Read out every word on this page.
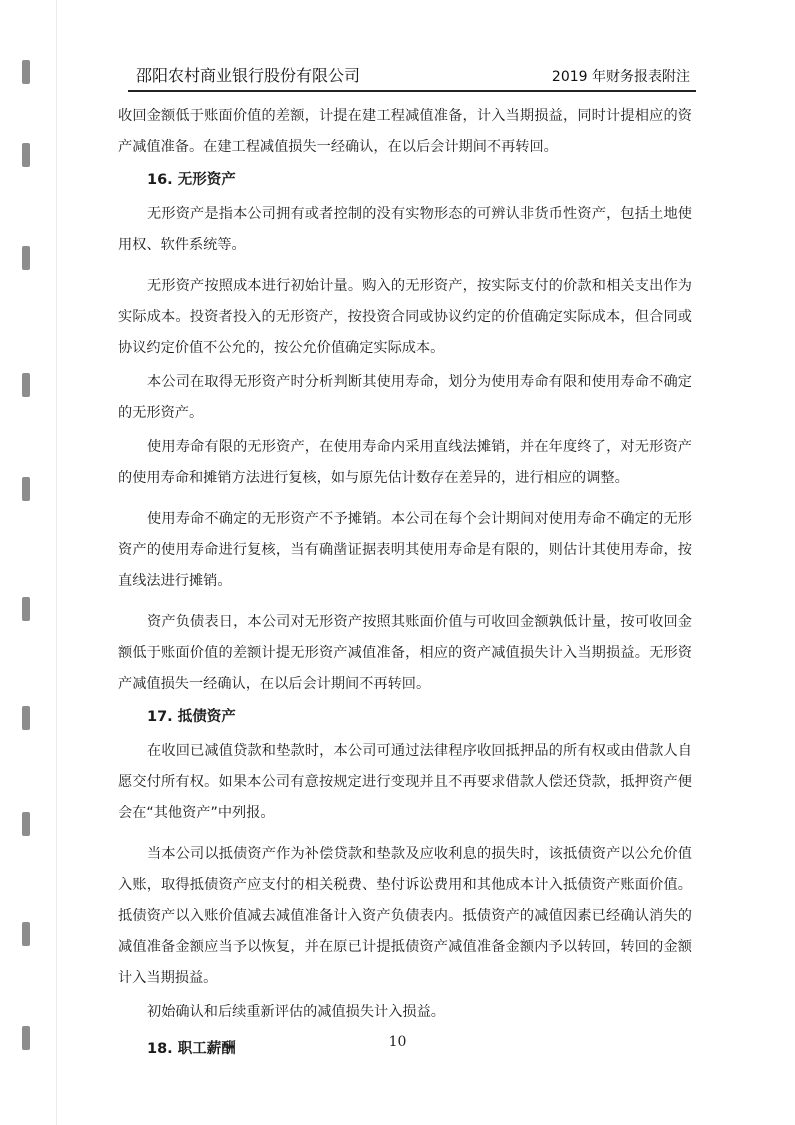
邵阳农村商业银行股份有限公司	2019 年财务报表附注

收回金额低于账面价值的差额，计提在建工程减值准备，计入当期损益，同时计提相应的资产减值准备。在建工程减值损失一经确认，在以后会计期间不再转回。

16. 无形资产

无形资产是指本公司拥有或者控制的没有实物形态的可辨认非货币性资产，包括土地使用权、软件系统等。

无形资产按照成本进行初始计量。购入的无形资产，按实际支付的价款和相关支出作为实际成本。投资者投入的无形资产，按投资合同或协议约定的价值确定实际成本，但合同或协议约定价值不公允的，按公允价值确定实际成本。

本公司在取得无形资产时分析判断其使用寿命，划分为使用寿命有限和使用寿命不确定的无形资产。

使用寿命有限的无形资产，在使用寿命内采用直线法摊销，并在年度终了，对无形资产的使用寿命和摊销方法进行复核，如与原先估计数存在差异的，进行相应的调整。

使用寿命不确定的无形资产不予摊销。本公司在每个会计期间对使用寿命不确定的无形资产的使用寿命进行复核，当有确凿证据表明其使用寿命是有限的，则估计其使用寿命，按直线法进行摊销。

资产负债表日，本公司对无形资产按照其账面价值与可收回金额孰低计量，按可收回金额低于账面价值的差额计提无形资产减值准备，相应的资产减值损失计入当期损益。无形资产减值损失一经确认，在以后会计期间不再转回。

17. 抵债资产

在收回已减值贷款和垫款时，本公司可通过法律程序收回抵押品的所有权或由借款人自愿交付所有权。如果本公司有意按规定进行变现并且不再要求借款人偿还贷款，抵押资产便会在“其他资产”中列报。

当本公司以抵债资产作为补偿贷款和垫款及应收利息的损失时，该抵债资产以公允价值入账，取得抵债资产应支付的相关税费、垫付诉讼费用和其他成本计入抵债资产账面价值。抵债资产以入账价值减去减值准备计入资产负债表内。抵债资产的减值因素已经确认消失的减值准备金额应当予以恢复，并在原已计提抵债资产减值准备金额内予以转回，转回的金额计入当期损益。

初始确认和后续重新评估的减值损失计入损益。

18. 职工薪酬	10
